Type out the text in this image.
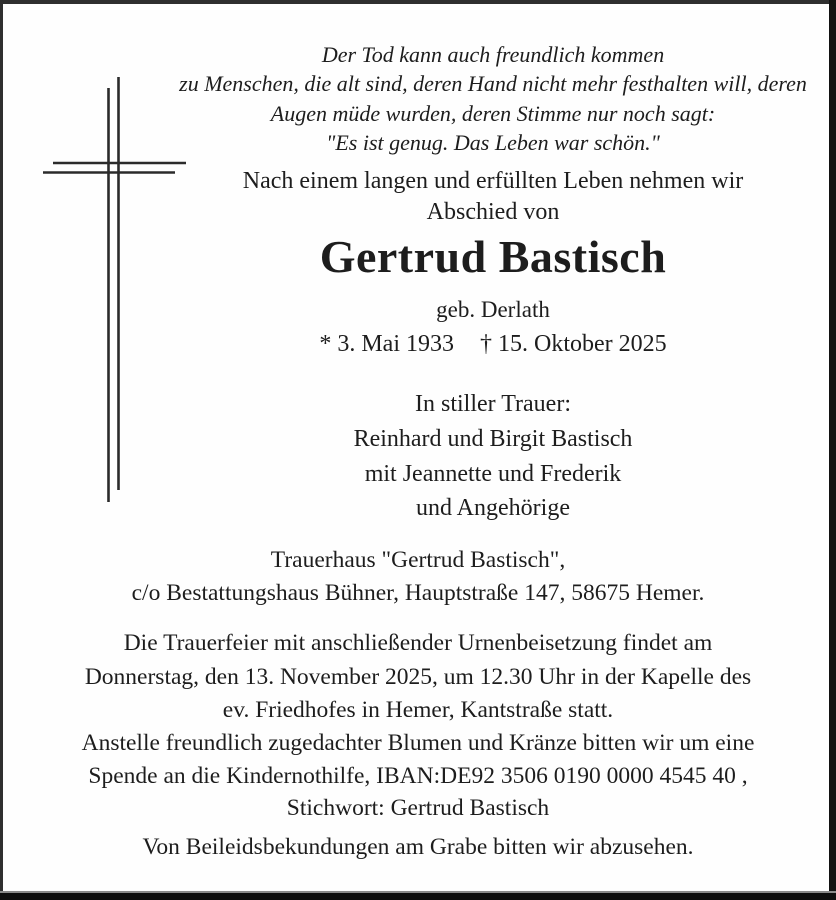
Der Tod kann auch freundlich kommen
zu Menschen, die alt sind, deren Hand nicht mehr festhalten will, deren
Augen müde wurden, deren Stimme nur noch sagt:
"Es ist genug. Das Leben war schön."
Nach einem langen und erfüllten Leben nehmen wir
Abschied von
Gertrud Bastisch
geb. Derlath
* 3. Mai 1933 † 15. Oktober 2025
In stiller Trauer:
Reinhard und Birgit Bastisch
mit Jeannette und Frederik
und Angehörige
Trauerhaus "Gertrud Bastisch",
c/o Bestattungshaus Bühner, Hauptstraße 147, 58675 Hemer.
Die Trauerfeier mit anschließender Urnenbeisetzung findet am
Donnerstag, den 13. November 2025, um 12.30 Uhr in der Kapelle des
ev. Friedhofes in Hemer, Kantstraße statt.
Anstelle freundlich zugedachter Blumen und Kränze bitten wir um eine
Spende an die Kindernothilfe, IBAN:DE92 3506 0190 0000 4545 40 ,
Stichwort: Gertrud Bastisch
Von Beileidsbekundungen am Grabe bitten wir abzusehen.
